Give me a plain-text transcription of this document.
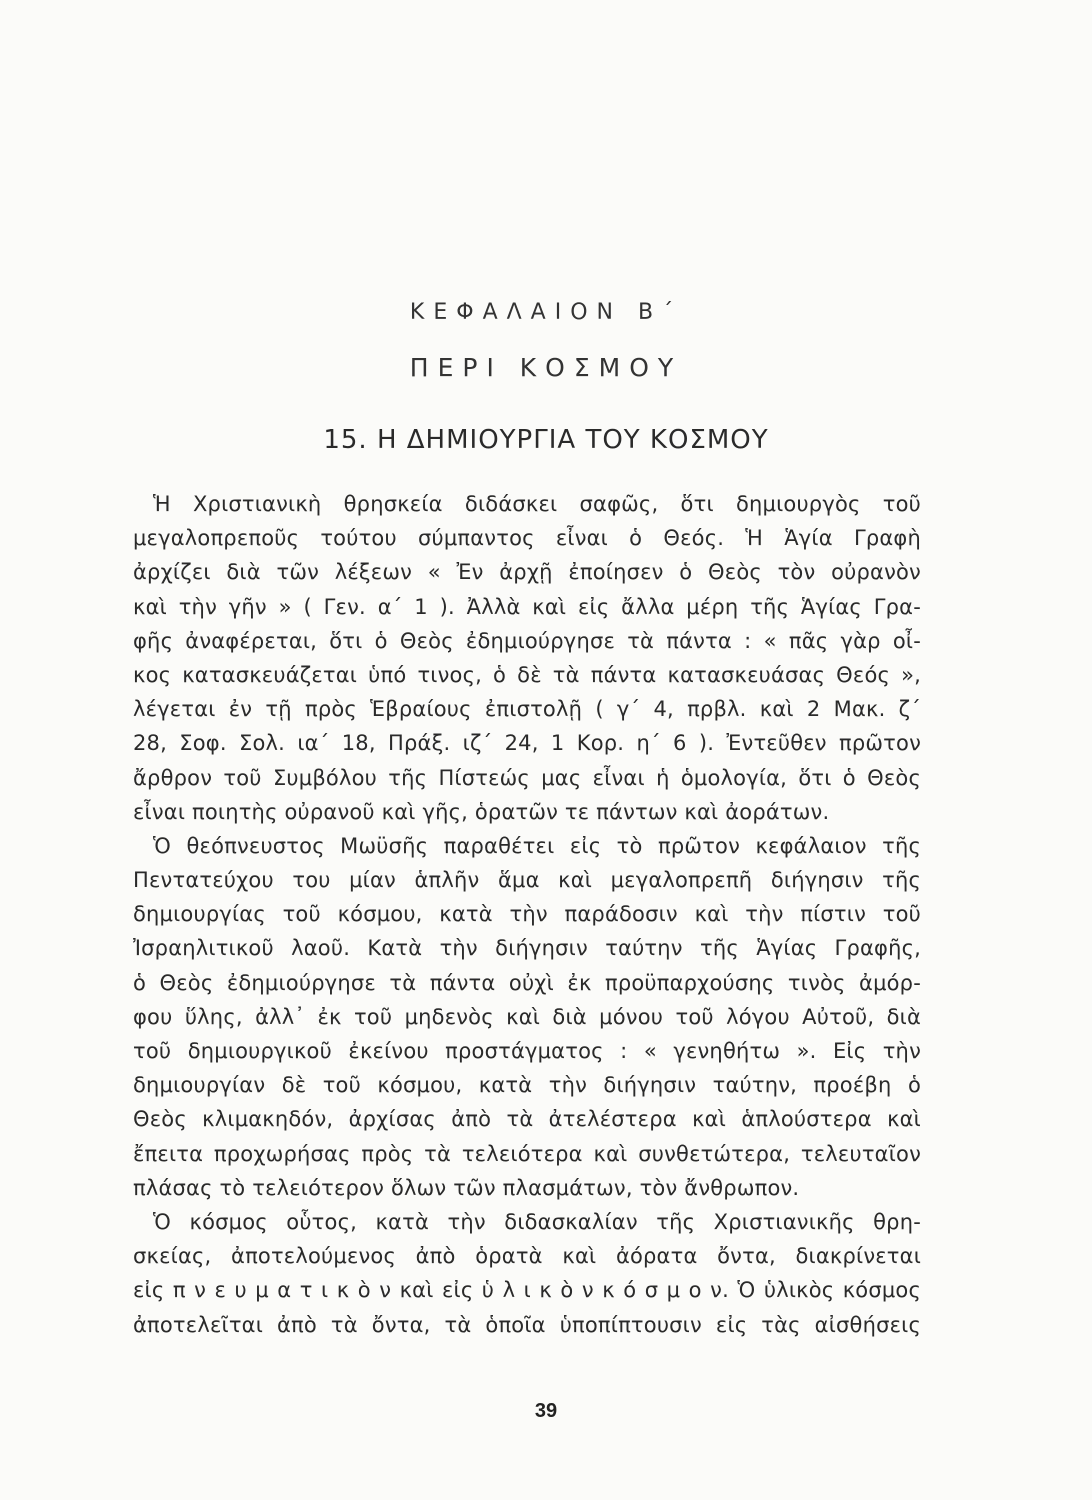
ΚΕΦΑΛΑΙΟΝ Β΄
ΠΕΡΙ ΚΟΣΜΟΥ
15. Η ΔΗΜΙΟΥΡΓΙΑ ΤΟΥ ΚΟΣΜΟΥ
Ἡ Χριστιανικὴ θρησκεία διδάσκει σαφῶς, ὅτι δημιουργὸς τοῦ
μεγαλοπρεποῦς τούτου σύμπαντος εἶναι ὁ Θεός. Ἡ Ἁγία Γραφὴ
ἀρχίζει διὰ τῶν λέξεων « Ἐν ἀρχῇ ἐποίησεν ὁ Θεὸς τὸν οὐρανὸν
καὶ τὴν γῆν » ( Γεν. α΄ 1 ). Ἀλλὰ καὶ εἰς ἄλλα μέρη τῆς Ἁγίας Γρα-
φῆς ἀναφέρεται, ὅτι ὁ Θεὸς ἐδημιούργησε τὰ πάντα : « πᾶς γὰρ οἶ-
κος κατασκευάζεται ὑπό τινος, ὁ δὲ τὰ πάντα κατασκευάσας Θεός »,
λέγεται ἐν τῇ πρὸς Ἑβραίους ἐπιστολῇ ( γ΄ 4, πρβλ. καὶ 2 Μακ. ζ΄
28, Σοφ. Σολ. ια΄ 18, Πράξ. ιζ΄ 24, 1 Κορ. η΄ 6 ). Ἐντεῦθεν πρῶτον
ἄρθρον τοῦ Συμβόλου τῆς Πίστεώς μας εἶναι ἡ ὁμολογία, ὅτι ὁ Θεὸς
εἶναι ποιητὴς οὐρανοῦ καὶ γῆς, ὁρατῶν τε πάντων καὶ ἀοράτων.
Ὁ θεόπνευστος Μωϋσῆς παραθέτει εἰς τὸ πρῶτον κεφάλαιον τῆς
Πεντατεύχου του μίαν ἁπλῆν ἅμα καὶ μεγαλοπρεπῆ διήγησιν τῆς
δημιουργίας τοῦ κόσμου, κατὰ τὴν παράδοσιν καὶ τὴν πίστιν τοῦ
Ἰσραηλιτικοῦ λαοῦ. Κατὰ τὴν διήγησιν ταύτην τῆς Ἁγίας Γραφῆς,
ὁ Θεὸς ἐδημιούργησε τὰ πάντα οὐχὶ ἐκ προϋπαρχούσης τινὸς ἀμόρ-
φου ὕλης, ἀλλ᾽ ἐκ τοῦ μηδενὸς καὶ διὰ μόνου τοῦ λόγου Αὐτοῦ, διὰ
τοῦ δημιουργικοῦ ἐκείνου προστάγματος : « γενηθήτω ». Εἰς τὴν
δημιουργίαν δὲ τοῦ κόσμου, κατὰ τὴν διήγησιν ταύτην, προέβη ὁ
Θεὸς κλιμακηδόν, ἀρχίσας ἀπὸ τὰ ἀτελέστερα καὶ ἁπλούστερα καὶ
ἔπειτα προχωρήσας πρὸς τὰ τελειότερα καὶ συνθετώτερα, τελευταῖον
πλάσας τὸ τελειότερον ὅλων τῶν πλασμάτων, τὸν ἄνθρωπον.
Ὁ κόσμος οὗτος, κατὰ τὴν διδασκαλίαν τῆς Χριστιανικῆς θρη-
σκείας, ἀποτελούμενος ἀπὸ ὁρατὰ καὶ ἀόρατα ὄντα, διακρίνεται
εἰς π ν ε υ μ α τ ι κ ὸ ν καὶ εἰς ὑ λ ι κ ὸ ν κ ό σ μ ο ν. Ὁ ὑλικὸς κόσμος
ἀποτελεῖται ἀπὸ τὰ ὄντα, τὰ ὁποῖα ὑποπίπτουσιν εἰς τὰς αἰσθήσεις
39
